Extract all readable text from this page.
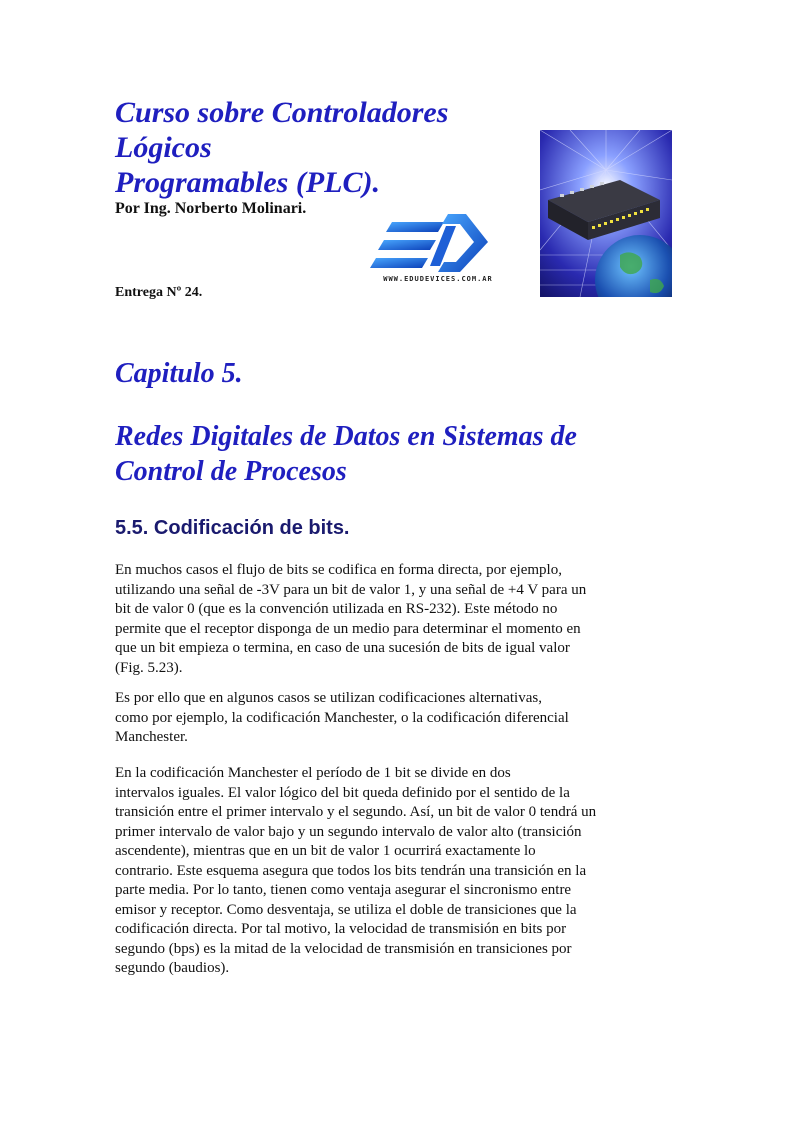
Curso sobre Controladores Lógicos
Programables (PLC).

Por Ing. Norberto Molinari.

WWW.EDUDEVICES.COM.AR

Entrega Nº 24.

Capitulo 5.
Redes Digitales de Datos en Sistemas de
Control de Procesos
5.5. Codificación de bits.

En muchos casos el flujo de bits se codifica en forma directa, por ejemplo,
utilizando una señal de -3V para un bit de valor 1, y una señal de +4 V para un
bit de valor 0 (que es la convención utilizada en RS-232). Este método no
permite que el receptor disponga de un medio para determinar el momento en
que un bit empieza o termina, en caso de una sucesión de bits de igual valor
(Fig. 5.23).

Es por ello que en algunos casos se utilizan codificaciones alternativas,
como por ejemplo, la codificación Manchester, o la codificación diferencial
Manchester.

En la codificación Manchester el período de 1 bit se divide en dos
intervalos iguales. El valor lógico del bit queda definido por el sentido de la
transición entre el primer intervalo y el segundo. Así, un bit de valor 0 tendrá un
primer intervalo de valor bajo y un segundo intervalo de valor alto (transición
ascendente), mientras que en un bit de valor 1 ocurrirá exactamente lo
contrario. Este esquema asegura que todos los bits tendrán una transición en la
parte media. Por lo tanto, tienen como ventaja asegurar el sincronismo entre
emisor y receptor. Como desventaja, se utiliza el doble de transiciones que la
codificación directa. Por tal motivo, la velocidad de transmisión en bits por
segundo (bps) es la mitad de la velocidad de transmisión en transiciones por
segundo (baudios).
